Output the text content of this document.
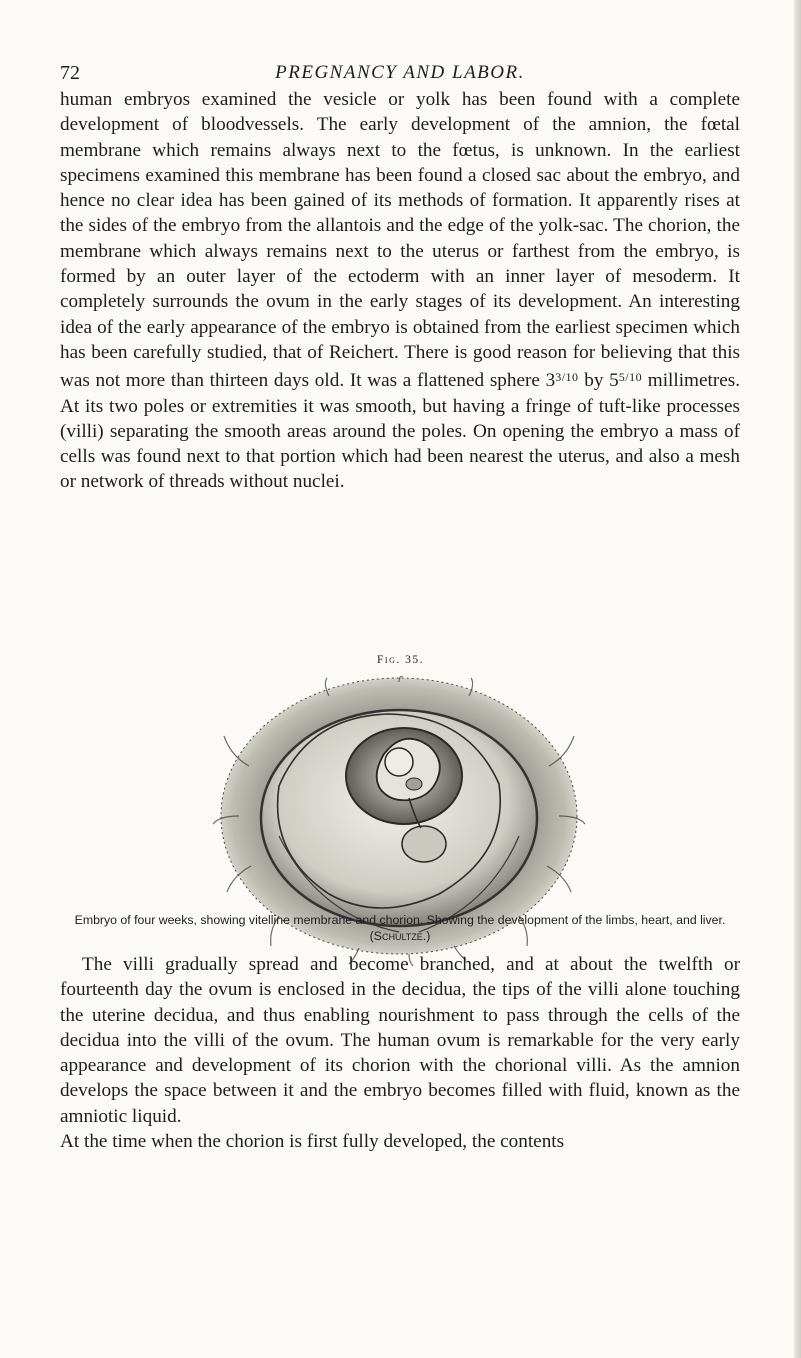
72	PREGNANCY AND LABOR.

human embryos examined the vesicle or yolk has been found with a complete development of bloodvessels. The early development of the amnion, the fœtal membrane which remains always next to the fœtus, is unknown. In the earliest specimens examined this membrane has been found a closed sac about the embryo, and hence no clear idea has been gained of its methods of formation. It apparently rises at the sides of the embryo from the allantois and the edge of the yolk-sac. The chorion, the membrane which always remains next to the uterus or farthest from the embryo, is formed by an outer layer of the ectoderm with an inner layer of mesoderm. It completely surrounds the ovum in the early stages of its development. An interesting idea of the early appearance of the embryo is obtained from the earliest specimen which has been carefully studied, that of Reichert. There is good reason for believing that this was not more than thirteen days old. It was a flattened sphere $3^{3/10}$ by $5^{5/10}$ millimetres. At its two poles or extremities it was smooth, but having a fringe of tuft-like processes (villi) separating the smooth areas around the poles. On opening the embryo a mass of cells was found next to that portion which had been nearest the uterus, and also a mesh or network of threads without nuclei.

Fig. 35.

Embryo of four weeks, showing vitelline membrane and chorion. Showing the development of the limbs, heart, and liver. (Schultze.)

The villi gradually spread and become branched, and at about the twelfth or fourteenth day the ovum is enclosed in the decidua, the tips of the villi alone touching the uterine decidua, and thus enabling nourishment to pass through the cells of the decidua into the villi of the ovum. The human ovum is remarkable for the very early appearance and development of its chorion with the chorional villi. As the amnion develops the space between it and the embryo becomes filled with fluid, known as the amniotic liquid.
At the time when the chorion is first fully developed, the contents
